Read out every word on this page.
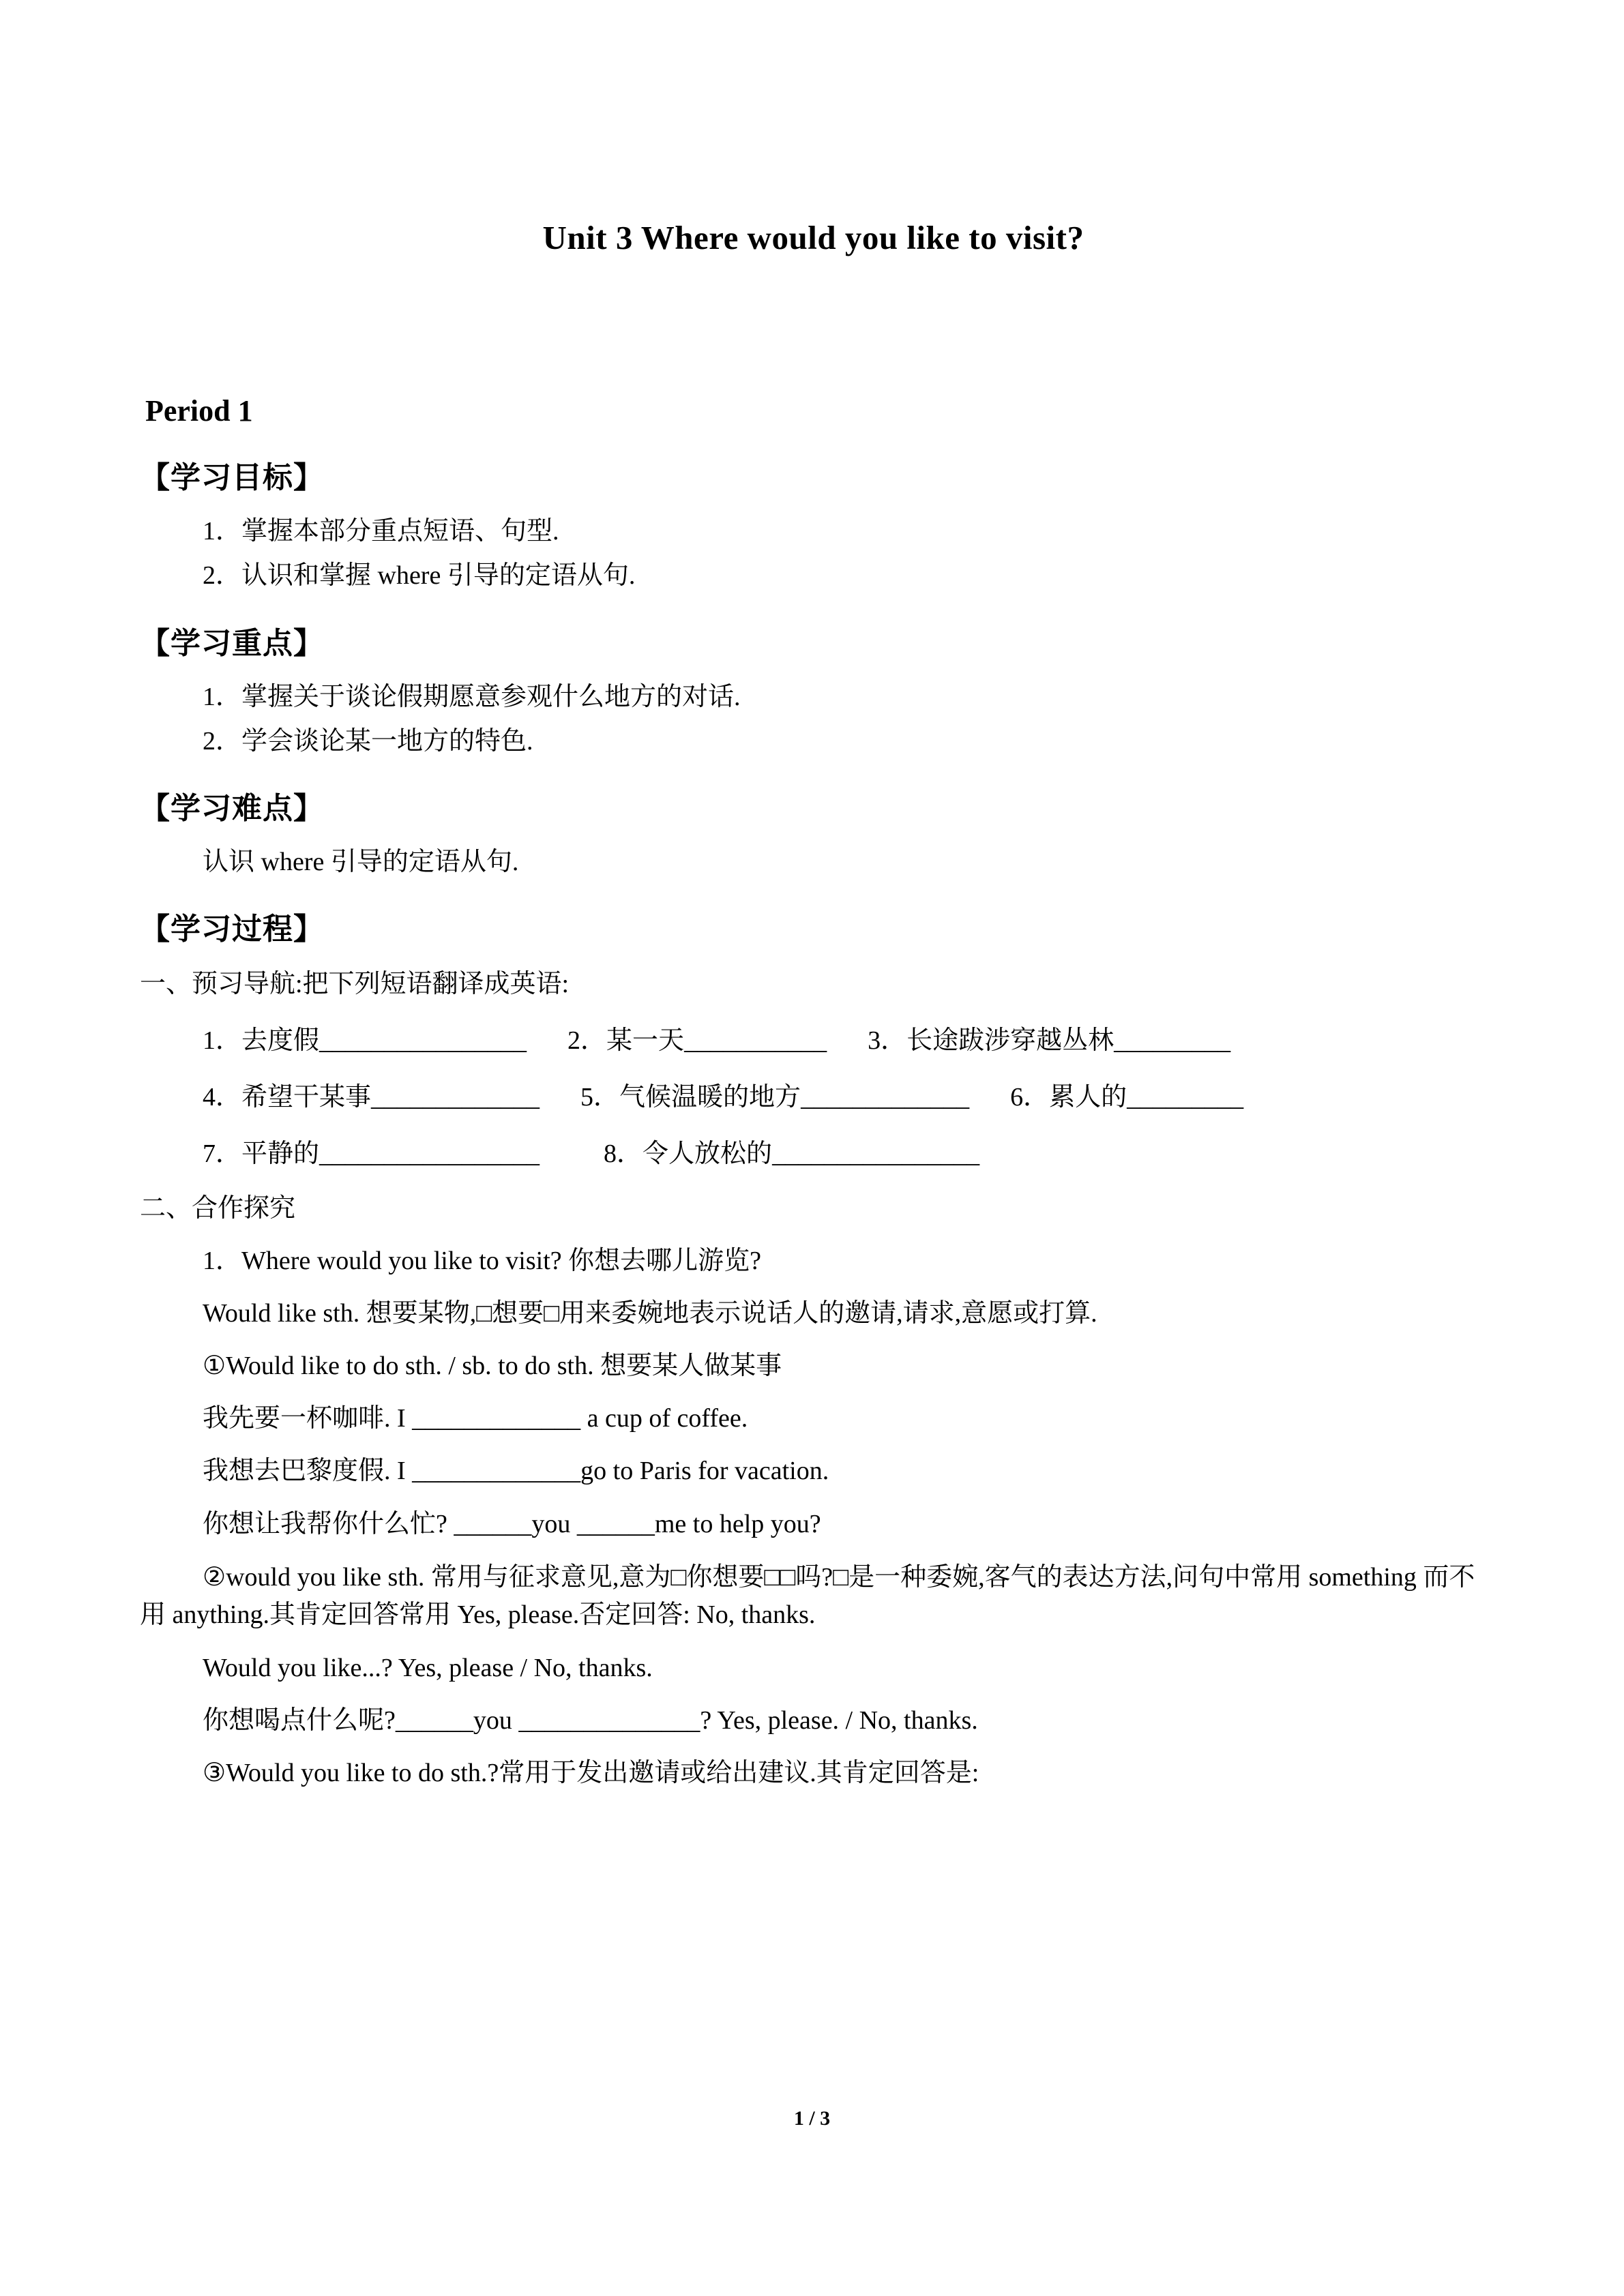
Unit 3 Where would you like to visit?
Period 1
【学习目标】
1．掌握本部分重点短语、句型.
2．认识和掌握 where 引导的定语从句.
【学习重点】
1．掌握关于谈论假期愿意参观什么地方的对话.
2．学会谈论某一地方的特色.
【学习难点】
认识 where 引导的定语从句.
【学习过程】
一、预习导航:把下列短语翻译成英语:
1．去度假________________ 2．某一天___________ 3．长途跋涉穿越丛林_________
4．希望干某事_____________ 5．气候温暖的地方_____________ 6．累人的_________
7．平静的_________________ 8．令人放松的________________
二、合作探究
1．Where would you like to visit? 你想去哪儿游览?
Would like sth. 想要某物,□想要□用来委婉地表示说话人的邀请,请求,意愿或打算.
①Would like to do sth. / sb. to do sth. 想要某人做某事
我先要一杯咖啡. I _____________ a cup of coffee.
我想去巴黎度假. I _____________go to Paris for vacation.
你想让我帮你什么忙? ______you ______me to help you?
②would you like sth. 常用与征求意见,意为□你想要□□吗?□是一种委婉,客气的表达方法,问句中常用 something 而不用 anything.其肯定回答常用 Yes, please.否定回答: No, thanks.
Would you like...? Yes, please / No, thanks.
你想喝点什么呢?______you ______________? Yes, please. / No, thanks.
③Would you like to do sth.?常用于发出邀请或给出建议.其肯定回答是:
1 / 3
